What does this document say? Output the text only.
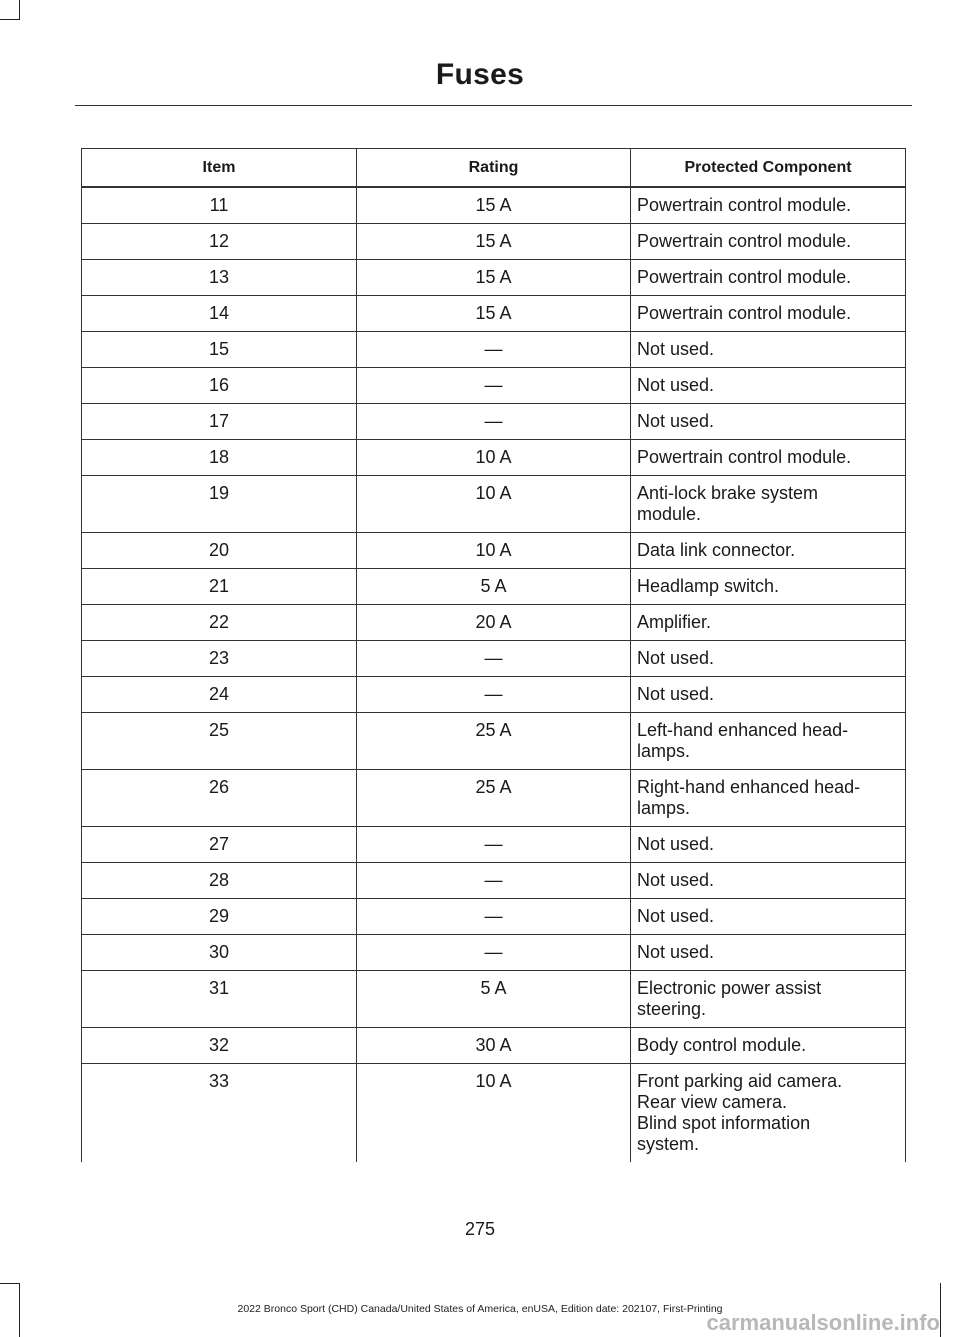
Fuses
Item	Rating	Protected Component
11	15 A	Powertrain control module.

12	15 A	Powertrain control module.

13	15 A	Powertrain control module.

14	15 A	Powertrain control module.

15	—	Not used.

16	—	Not used.

17	—	Not used.

18	10 A	Powertrain control module.

19	10 A	Anti-lock brake system
module.

20	10 A	Data link connector.

21	5 A	Headlamp switch.

22	20 A	Amplifier.

23	—	Not used.

24	—	Not used.

25	25 A	Left-hand enhanced head-
lamps.

26	25 A	Right-hand enhanced head-
lamps.

27	—	Not used.

28	—	Not used.

29	—	Not used.

30	—	Not used.

31	5 A	Electronic power assist
steering.

32	30 A	Body control module.

33	10 A	Front parking aid camera.
Rear view camera.
Blind spot information
system.
275
2022 Bronco Sport (CHD) Canada/United States of America, enUSA, Edition date: 202107, First-Printing
carmanualsonline.info
